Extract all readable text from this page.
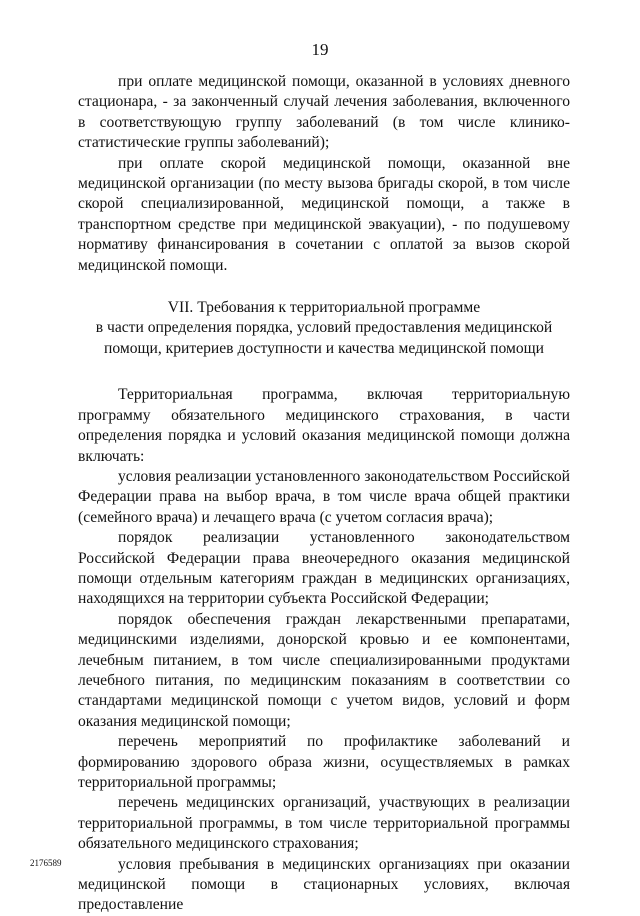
19

при оплате медицинской помощи, оказанной в условиях дневного стационара, - за законченный случай лечения заболевания, включенного в соответствующую группу заболеваний (в том числе клинико-статистические группы заболеваний);

при оплате скорой медицинской помощи, оказанной вне медицинской организации (по месту вызова бригады скорой, в том числе скорой специализированной, медицинской помощи, а также в транспортном средстве при медицинской эвакуации), - по подушевому нормативу финансирования в сочетании с оплатой за вызов скорой медицинской помощи.

VII. Требования к территориальной программе
в части определения порядка, условий предоставления медицинской
помощи, критериев доступности и качества медицинской помощи

Территориальная программа, включая территориальную программу обязательного медицинского страхования, в части определения порядка и условий оказания медицинской помощи должна включать:

условия реализации установленного законодательством Российской Федерации права на выбор врача, в том числе врача общей практики (семейного врача) и лечащего врача (с учетом согласия врача);

порядок реализации установленного законодательством Российской Федерации права внеочередного оказания медицинской помощи отдельным категориям граждан в медицинских организациях, находящихся на территории субъекта Российской Федерации;

порядок обеспечения граждан лекарственными препаратами, медицинскими изделиями, донорской кровью и ее компонентами, лечебным питанием, в том числе специализированными продуктами лечебного питания, по медицинским показаниям в соответствии со стандартами медицинской помощи с учетом видов, условий и форм оказания медицинской помощи;

перечень мероприятий по профилактике заболеваний и формированию здорового образа жизни, осуществляемых в рамках территориальной программы;

перечень медицинских организаций, участвующих в реализации территориальной программы, в том числе территориальной программы обязательного медицинского страхования;

условия пребывания в медицинских организациях при оказании медицинской помощи в стационарных условиях, включая предоставление

2176589
